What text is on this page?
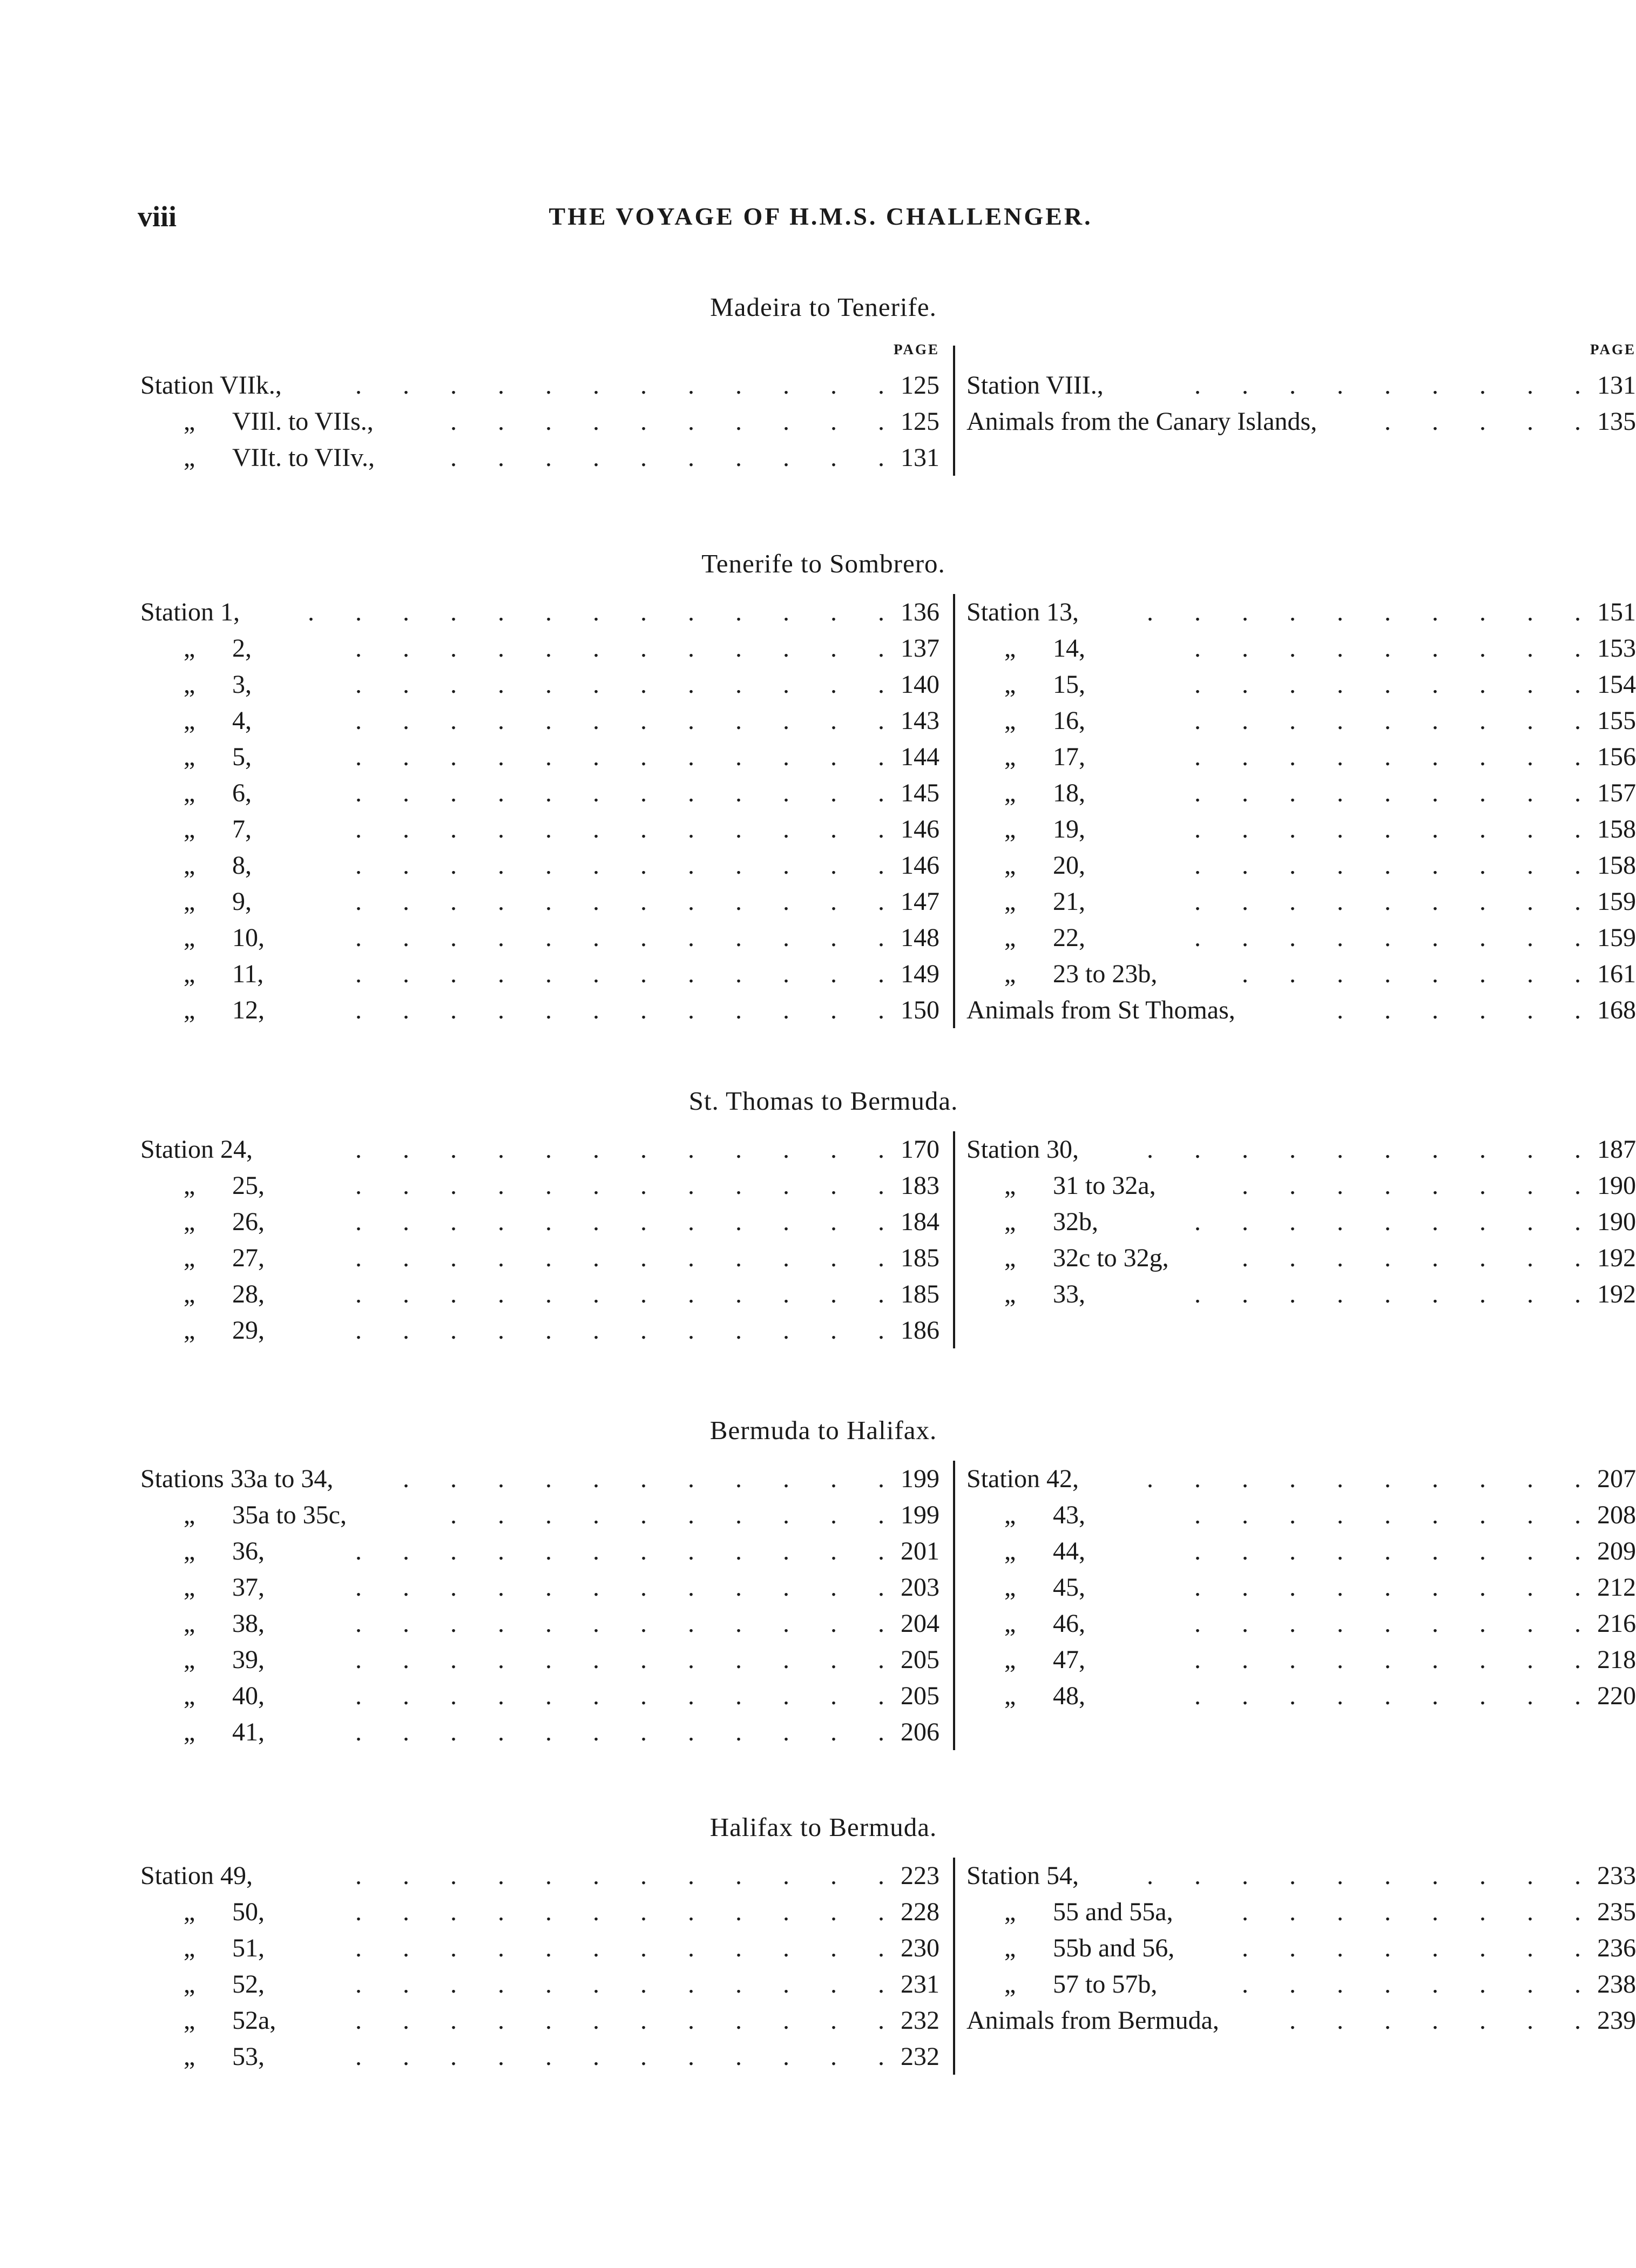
viii	THE VOYAGE OF H.M.S. CHALLENGER.
Madeira to Tenerife.
PAGE	PAGE
Station VIIk.,	. . . . . . . . . . . . 125
„ VIIl. to VIIs.,	. . . . . . . . . . 125
„ VIIt. to VIIv.,	. . . . . . . . . . 131
Station VIII.,	. . . . . . . . . 131
Animals from the Canary Islands,	. . . . . 135
Tenerife to Sombrero.
Station 1,	. . . . . . . . . . . . . 136
„ 2,	. . . . . . . . . . . . 137
„ 3,	. . . . . . . . . . . . 140
„ 4,	. . . . . . . . . . . . 143
„ 5,	. . . . . . . . . . . . 144
„ 6,	. . . . . . . . . . . . 145
„ 7,	. . . . . . . . . . . . 146
„ 8,	. . . . . . . . . . . . 146
„ 9,	. . . . . . . . . . . . 147
„ 10,	. . . . . . . . . . . . 148
„ 11,	. . . . . . . . . . . . 149
„ 12,	. . . . . . . . . . . . 150
Station 13,	. . . . . . . . . . 151
„ 14,	. . . . . . . . . 153
„ 15,	. . . . . . . . . 154
„ 16,	. . . . . . . . . 155
„ 17,	. . . . . . . . . 156
„ 18,	. . . . . . . . . 157
„ 19,	. . . . . . . . . 158
„ 20,	. . . . . . . . . 158
„ 21,	. . . . . . . . . 159
„ 22,	. . . . . . . . . 159
„ 23 to 23b,	. . . . . . . . 161
Animals from St Thomas,	. . . . . . 168
St. Thomas to Bermuda.
Station 24,	. . . . . . . . . . . . 170
„ 25,	. . . . . . . . . . . . 183
„ 26,	. . . . . . . . . . . . 184
„ 27,	. . . . . . . . . . . . 185
„ 28,	. . . . . . . . . . . . 185
„ 29,	. . . . . . . . . . . . 186
Station 30,	. . . . . . . . . . 187
„ 31 to 32a,	. . . . . . . . 190
„ 32b,	. . . . . . . . . 190
„ 32c to 32g,	. . . . . . . . 192
„ 33,	. . . . . . . . . 192
Bermuda to Halifax.
Stations 33a to 34,	. . . . . . . . . . . 199
„ 35a to 35c,	. . . . . . . . . . 199
„ 36,	. . . . . . . . . . . . 201
„ 37,	. . . . . . . . . . . . 203
„ 38,	. . . . . . . . . . . . 204
„ 39,	. . . . . . . . . . . . 205
„ 40,	. . . . . . . . . . . . 205
„ 41,	. . . . . . . . . . . . 206
Station 42,	. . . . . . . . . . 207
„ 43,	. . . . . . . . . 208
„ 44,	. . . . . . . . . 209
„ 45,	. . . . . . . . . 212
„ 46,	. . . . . . . . . 216
„ 47,	. . . . . . . . . 218
„ 48,	. . . . . . . . . 220
Halifax to Bermuda.
Station 49,	. . . . . . . . . . . . 223
„ 50,	. . . . . . . . . . . . 228
„ 51,	. . . . . . . . . . . . 230
„ 52,	. . . . . . . . . . . . 231
„ 52a,	. . . . . . . . . . . . 232
„ 53,	. . . . . . . . . . . . 232
Station 54,	. . . . . . . . . . 233
„ 55 and 55a,	. . . . . . . . 235
„ 55b and 56,	. . . . . . . . 236
„ 57 to 57b,	. . . . . . . . 238
Animals from Bermuda,	. . . . . . . 239
